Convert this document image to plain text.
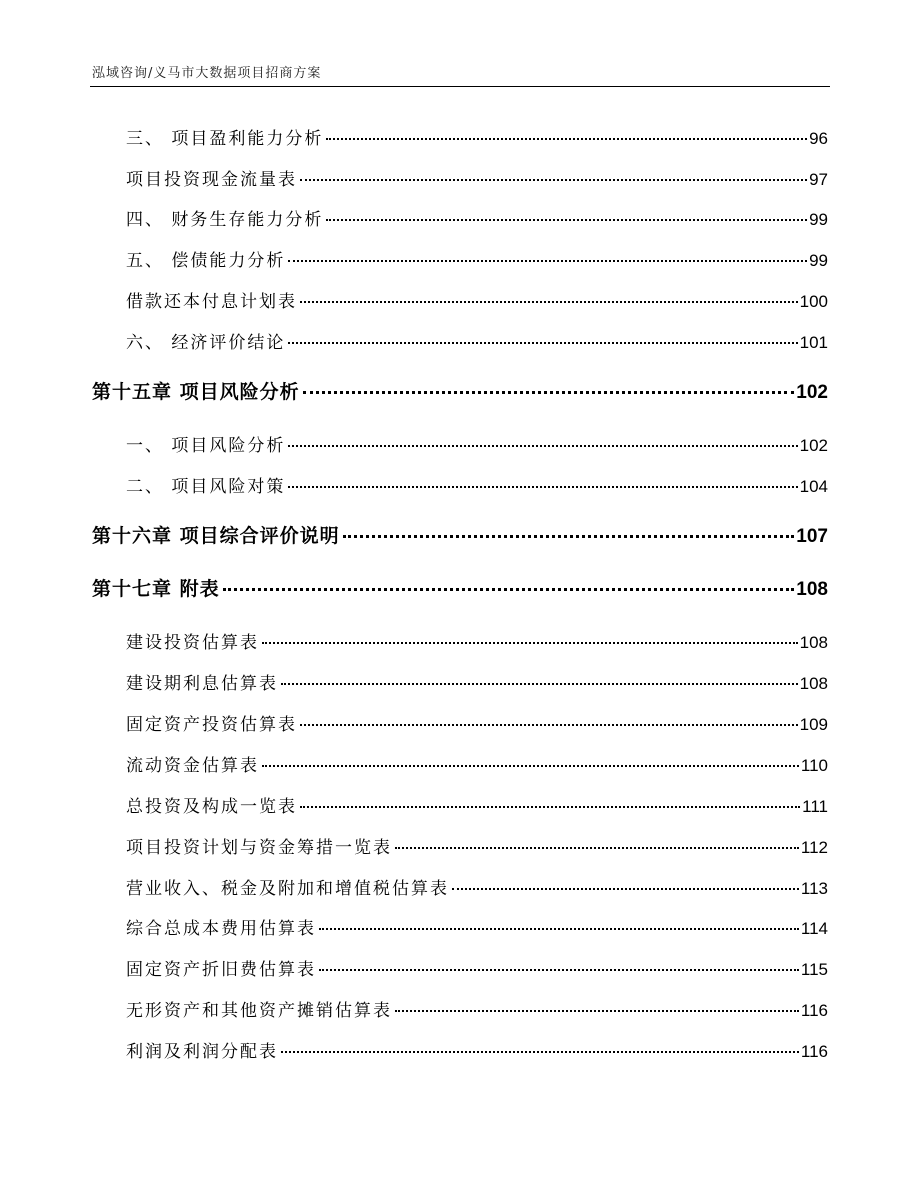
泓域咨询/义马市大数据项目招商方案
三、 项目盈利能力分析	96
项目投资现金流量表	97
四、 财务生存能力分析	99
五、 偿债能力分析	99
借款还本付息计划表	100
六、 经济评价结论	101
第十五章 项目风险分析	102
一、 项目风险分析	102
二、 项目风险对策	104
第十六章 项目综合评价说明	107
第十七章 附表	108
建设投资估算表	108
建设期利息估算表	108
固定资产投资估算表	109
流动资金估算表	110
总投资及构成一览表	111
项目投资计划与资金筹措一览表	112
营业收入、税金及附加和增值税估算表	113
综合总成本费用估算表	114
固定资产折旧费估算表	115
无形资产和其他资产摊销估算表	116
利润及利润分配表	116
